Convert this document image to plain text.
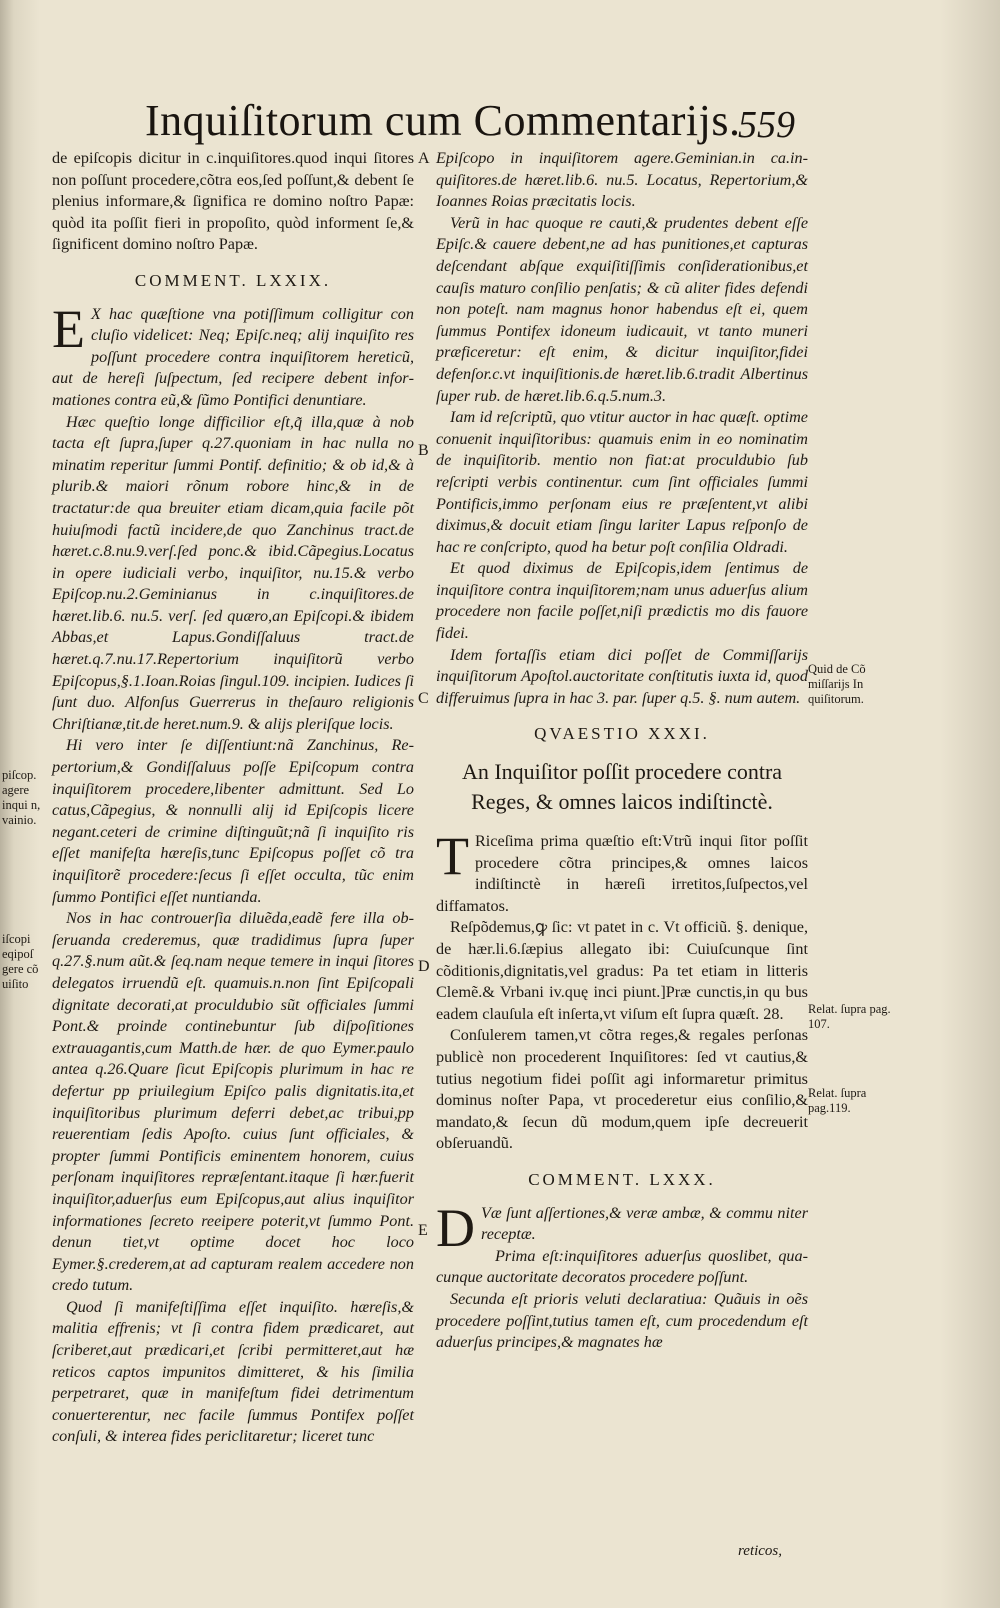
Inquiſitorum cum Commentarijs.
559

de epiſcopis dicitur in c.inquiſitores.quod inqui ſitores non poſſunt procedere,cõtra eos,ſed poſſunt,& debent ſe plenius informare,& ſignifica re domino noſtro Papæ: quòd ita poſſit fieri in propoſito, quòd informent ſe,& ſignificent domino noſtro Papæ.

COMMENT. LXXIX.
E X hac quæſtione vna potiſſimum colligitur con cluſio videlicet: Neq; Epiſc.neq; alij inquiſito res poſſunt procedere contra inquiſitorem hereticũ, aut de hereſi ſuſpectum, ſed recipere debent informationes contra eũ,& ſũmo Pontifici denuntiare.

Hæc queſtio longe difficilior eſt,q̃ illa,quæ à nob tacta eſt ſupra,ſuper q.27.quoniam in hac nulla no minatim reperitur ſummi Pontif. definitio; & ob id,& à plurib.& maiori rõnum robore hinc,& in de tractatur:de qua breuiter etiam dicam,quia facile põt huiuſmodi factũ incidere,de quo Zanchinus tract.de hæret.c.8.nu.9.verſ.ſed ponc.& ibid.Cãpegius.Locatus in opere iudiciali verbo, inquiſitor, nu.15.& verbo Epiſcop.nu.2.Geminianus in c.inquiſitores.de hæret.lib.6. nu.5. verſ. ſed quæro,an Epiſcopi.& ibidem Abbas,et Lapus.Gondiſſaluus tract.de hæret.q.7.nu.17.Repertorium inquiſitorũ verbo Epiſcopus,§.1.Ioan.Roias ſingul.109. incipien. Iudices ſi ſunt duo. Alfonſus Guerrerus in theſauro religionis Chriſtianæ,tit.de heret.num.9. & alijs pleriſque locis.

Hi vero inter ſe diſſentiunt:nã Zanchinus, Repertorium,& Gondiſſaluus poſſe Epiſcopum contra inquiſitorem procedere,libenter admittunt. Sed Lo catus,Cãpegius, & nonnulli alij id Epiſcopis licere negant.ceteri de crimine diſtinguũt;nã ſi inquiſito ris eſſet manifeſta hæreſis,tunc Epiſcopus poſſet cõ tra inquiſitorẽ procedere:ſecus ſi eſſet occulta, tũc enim ſummo Pontifici eſſet nuntianda.

Nos in hac controuerſia diluẽda,eadẽ fere illa obſeruanda crederemus, quæ tradidimus ſupra ſuper q.27.§.num aũt.& ſeq.nam neque temere in inqui ſitores delegatos irruendũ eſt. quamuis.n.non ſint Epiſcopali dignitate decorati,at proculdubio sũt officiales ſummi Pont.& proinde continebuntur ſub diſpoſitiones extrauagantis,cum Matth.de hær. de quo Eymer.paulo antea q.26.Quare ſicut Epiſcopis plurimum in hac re defertur pp priuilegium Epiſco palis dignitatis.ita,et inquiſitoribus plurimum deferri debet,ac tribui,pp reuerentiam ſedis Apoſto. cuius ſunt officiales, & propter ſummi Pontificis eminentem honorem, cuius perſonam inquiſitores repræſentant.itaque ſi hær.fuerit inquiſitor,aduerſus eum Epiſcopus,aut alius inquiſitor informationes ſecreto reeipere poterit,vt ſummo Pont. denun tiet,vt optime docet hoc loco Eymer.§.crederem,at ad capturam realem accedere non credo tutum.

Quod ſi manifeſtiſſima eſſet inquiſito. hæreſis,& malitia effrenis; vt ſi contra fidem prædicaret, aut ſcriberet,aut prædicari,et ſcribi permitteret,aut hæ reticos captos impunitos dimitteret, & his ſimilia perpetraret, quæ in manifeſtum fidei detrimentum conuerterentur, nec facile ſummus Pontifex poſſet conſuli, & interea fides periclitaretur; liceret tunc

Epiſcopo in inquiſitorem agere.Geminian.in ca.inquiſitores.de hæret.lib.6. nu.5. Locatus, Repertorium,& Ioannes Roias præcitatis locis.

Verũ in hac quoque re cauti,& prudentes debent eſſe Epiſc.& cauere debent,ne ad has punitiones,et capturas deſcendant abſque exquiſitiſſimis conſiderationibus,et cauſis maturo conſilio penſatis; & cũ aliter fides defendi non poteſt. nam magnus honor habendus eſt ei, quem ſummus Pontifex idoneum iudicauit, vt tanto muneri præficeretur: eſt enim, & dicitur inquiſitor,fidei defenſor.c.vt inquiſitionis.de hæret.lib.6.tradit Albertinus ſuper rub. de hæret.lib.6.q.5.num.3.

Iam id reſcriptũ, quo vtitur auctor in hac quæſt. optime conuenit inquiſitoribus: quamuis enim in eo nominatim de inquiſitorib. mentio non fiat:at proculdubio ſub reſcripti verbis continentur. cum ſint officiales ſummi Pontificis,immo perſonam eius re præſentent,vt alibi diximus,& docuit etiam ſingu lariter Lapus reſponſo de hac re conſcripto, quod ha betur poſt conſilia Oldradi.

Et quod diximus de Epiſcopis,idem ſentimus de inquiſitore contra inquiſitorem;nam unus aduerſus alium procedere non facile poſſet,niſi prædictis mo dis fauore fidei.

Idem fortaſſis etiam dici poſſet de Commiſſarijs inquiſitorum Apoſtol.auctoritate conſtitutis iuxta id, quod differuimus ſupra in hac 3. par. ſuper q.5. §. num autem.

QVAESTIO XXXI.
An Inquiſitor poſſit procedere contra Reges, & omnes laicos indiſtinctè.
T Riceſima prima quæſtio eſt:Vtrũ inqui ſitor poſſit procedere cõtra principes,& omnes laicos indiſtinctè in hæreſi irretitos,ſuſpectos,vel diffamatos.

Reſpõdemus,ꝙ ſic: vt patet in c. Vt officiũ. §. denique, de hær.li.6.ſæpius allegato ibi: Cuiuſcunque ſint cõditionis,dignitatis,vel gradus: Pa tet etiam in litteris Clemẽ.& Vrbani iv.quę inci piunt.]Præ cunctis,in qu bus eadem clauſula eſt inſerta,vt viſum eſt ſupra quæſt. 28.

Conſulerem tamen,vt cõtra reges,& regales perſonas publicè non procederent Inquiſitores: ſed vt cautius,& tutius negotium fidei poſſit agi informaretur primitus dominus noſter Papa, vt procederetur eius conſilio,& mandato,& ſecun dũ modum,quem ipſe decreuerit obſeruandũ.

COMMENT. LXXX.
D Væ ſunt aſſertiones,& veræ ambæ, & commu niter receptæ.

Prima eſt:inquiſitores aduerſus quoslibet, quacunque auctoritate decoratos procedere poſſunt.

Secunda eſt prioris veluti declaratiua: Quãuis in oẽs procedere poſſint,tutius tamen eſt, cum procedendum eſt aduerſus principes,& magnates hæ

A
B
C
D
E
piſcop. agere inqui n, vainio.
iſcopi eqipoſ gere cõ uiſito
Quid de Cõ miſſarijs In quiſitorum.
Relat. ſupra pag. 107.
Relat. ſupra pag.119.
reticos,
